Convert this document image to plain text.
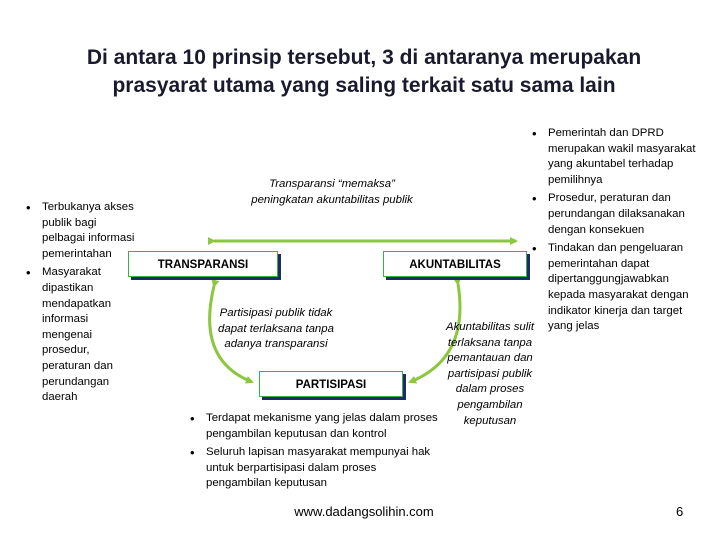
Di antara 10 prinsip tersebut, 3 di antaranya merupakan
prasyarat utama yang saling terkait satu sama lain
TRANSPARANSI	AKUNTABILITAS
PARTISIPASI
Transparansi “memaksa”
peningkatan akuntabilitas publik
Partisipasi publik tidak
dapat terlaksana tanpa
adanya transparansi
Akuntabilitas sulit
terlaksana tanpa
pemantauan dan
partisipasi publik
dalam proses
pengambilan
keputusan
• Terbukanya akses
publik bagi
pelbagai informasi
pemerintahan
• Masyarakat
dipastikan
mendapatkan
informasi
mengenai
prosedur,
peraturan dan
perundangan
daerah
• Pemerintah dan DPRD
merupakan wakil masyarakat
yang akuntabel terhadap
pemilihnya
• Prosedur, peraturan dan
perundangan dilaksanakan
dengan konsekuen
• Tindakan dan pengeluaran
pemerintahan dapat
dipertanggungjawabkan
kepada masyarakat dengan
indikator kinerja dan target
yang jelas
• Terdapat mekanisme yang jelas dalam proses
pengambilan keputusan dan kontrol
• Seluruh lapisan masyarakat mempunyai hak
untuk berpartisipasi dalam proses
pengambilan keputusan
www.dadangsolihin.com	6
